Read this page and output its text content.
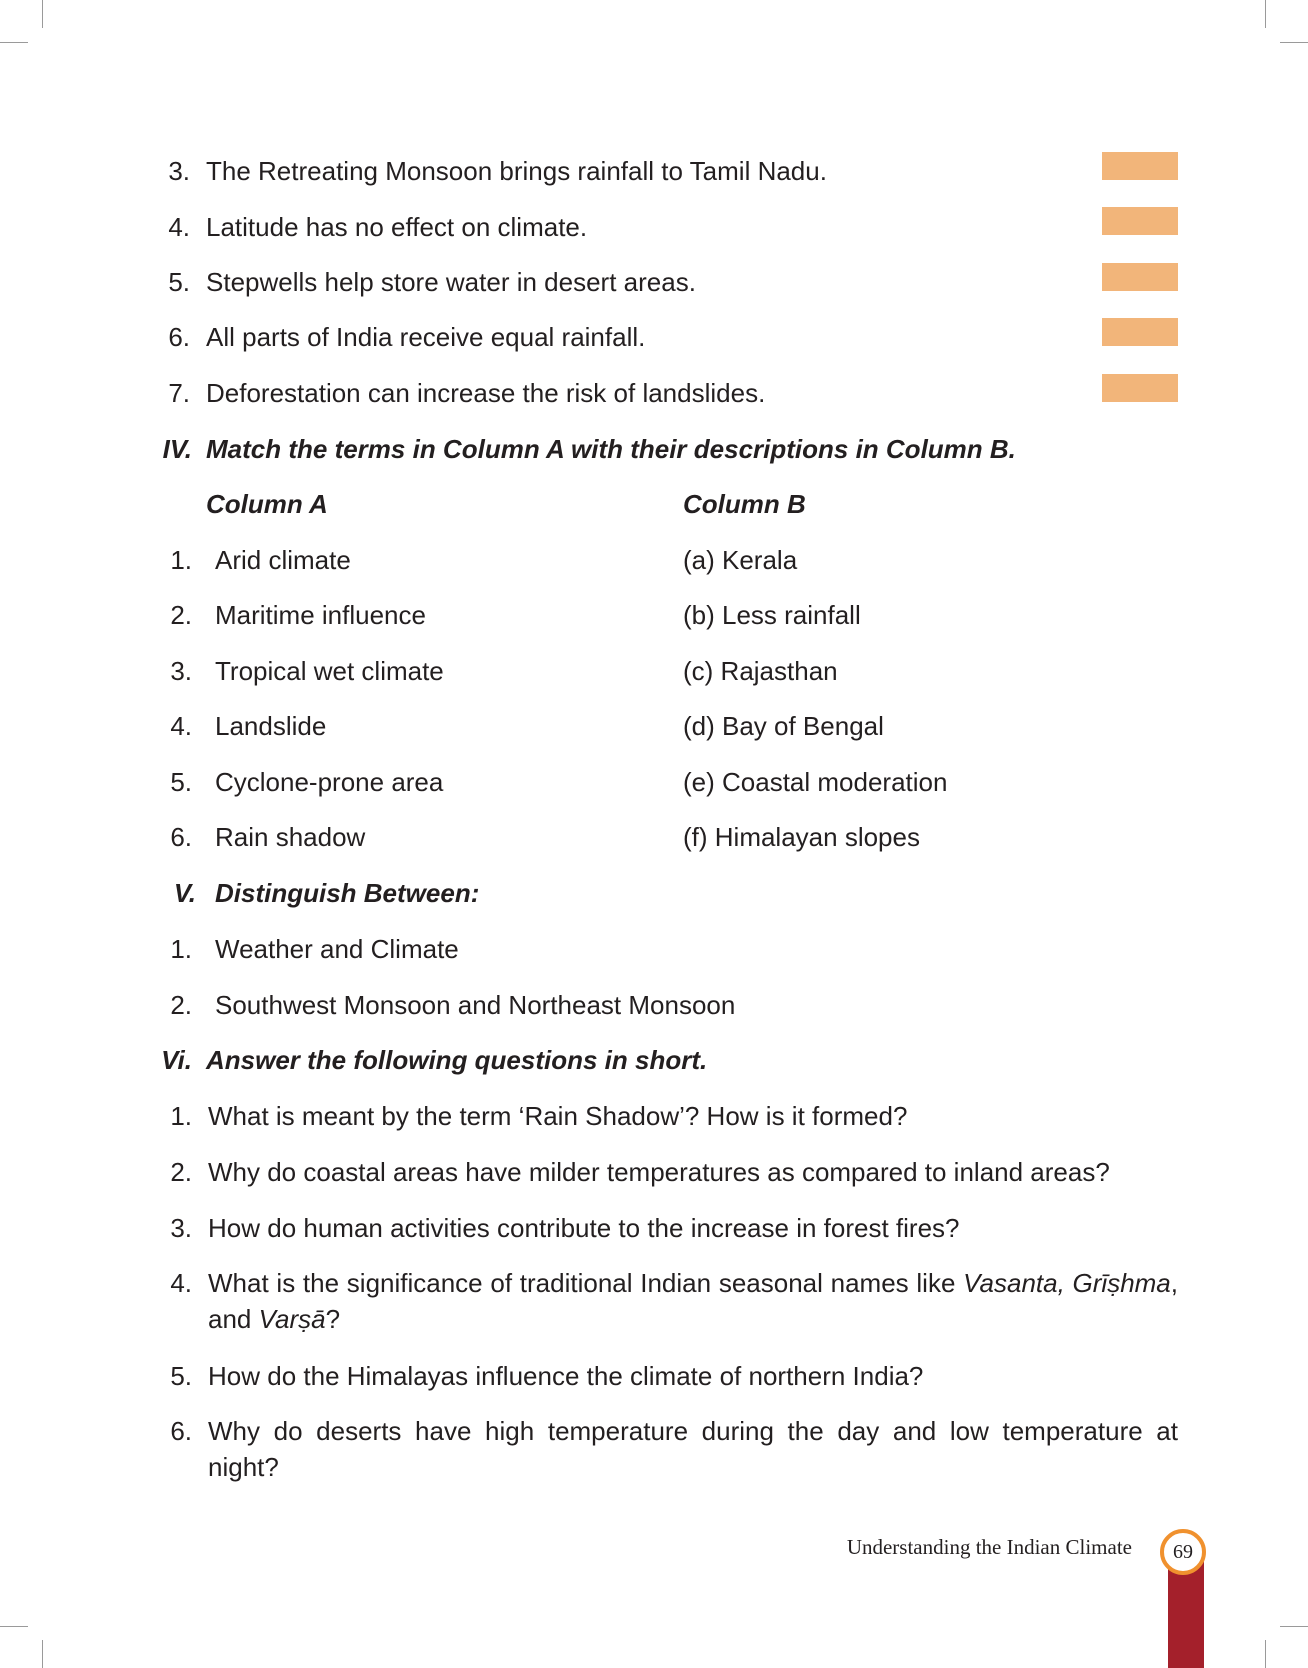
3. The Retreating Monsoon brings rainfall to Tamil Nadu.
4. Latitude has no effect on climate.
5. Stepwells help store water in desert areas.
6. All parts of India receive equal rainfall.
7. Deforestation can increase the risk of landslides.
IV. Match the terms in Column A with their descriptions in Column B.
Column A	Column B
1. Arid climate	(a) Kerala
2. Maritime influence	(b) Less rainfall
3. Tropical wet climate	(c) Rajasthan
4. Landslide	(d) Bay of Bengal
5. Cyclone-prone area	(e) Coastal moderation
6. Rain shadow	(f) Himalayan slopes
V. Distinguish Between:
1. Weather and Climate
2. Southwest Monsoon and Northeast Monsoon
Vi. Answer the following questions in short.
1. What is meant by the term ‘Rain Shadow’? How is it formed?
2. Why do coastal areas have milder temperatures as compared to inland areas?
3. How do human activities contribute to the increase in forest fires?
4. What is the significance of traditional Indian seasonal names like Vasanta, Grīṣhma, and Varṣā?
5. How do the Himalayas influence the climate of northern India?
6. Why do deserts have high temperature during the day and low temperature at night?
Understanding the Indian Climate	69
